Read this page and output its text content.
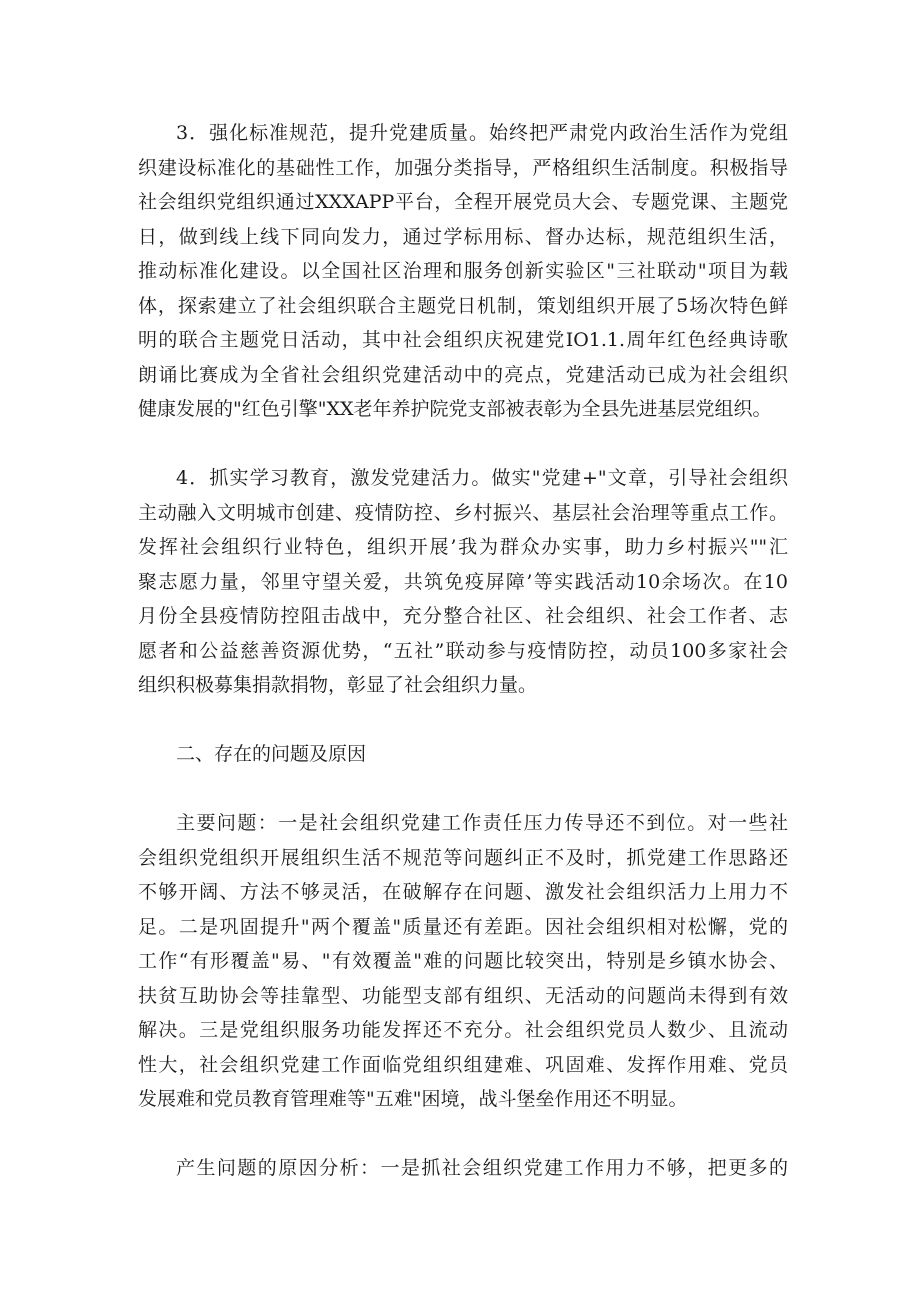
3．强化标准规范，提升党建质量。始终把严肃党内政治生活作为党组
织建设标准化的基础性工作，加强分类指导，严格组织生活制度。积极指导
社会组织党组织通过XXXAPP平台，全程开展党员大会、专题党课、主题党
日，做到线上线下同向发力，通过学标用标、督办达标，规范组织生活，
推动标准化建设。以全国社区治理和服务创新实验区"三社联动"项目为载
体，探索建立了社会组织联合主题党日机制，策划组织开展了5场次特色鲜
明的联合主题党日活动，其中社会组织庆祝建党IO1.1.周年红色经典诗歌
朗诵比赛成为全省社会组织党建活动中的亮点，党建活动已成为社会组织
健康发展的"红色引擎"XX老年养护院党支部被表彰为全县先进基层党组织。
4．抓实学习教育，激发党建活力。做实"党建+"文章，引导社会组织
主动融入文明城市创建、疫情防控、乡村振兴、基层社会治理等重点工作。
发挥社会组织行业特色，组织开展’我为群众办实事，助力乡村振兴""汇
聚志愿力量，邻里守望关爱，共筑免疫屏障’等实践活动10余场次。在10
月份全县疫情防控阻击战中，充分整合社区、社会组织、社会工作者、志
愿者和公益慈善资源优势，“五社”联动参与疫情防控，动员100多家社会
组织积极募集捐款捐物，彰显了社会组织力量。
二、存在的问题及原因
主要问题：一是社会组织党建工作责任压力传导还不到位。对一些社
会组织党组织开展组织生活不规范等问题纠正不及时，抓党建工作思路还
不够开阔、方法不够灵活，在破解存在问题、激发社会组织活力上用力不
足。二是巩固提升"两个覆盖"质量还有差距。因社会组织相对松懈，党的
工作“有形覆盖"易、"有效覆盖"难的问题比较突出，特别是乡镇水协会、
扶贫互助协会等挂靠型、功能型支部有组织、无活动的问题尚未得到有效
解决。三是党组织服务功能发挥还不充分。社会组织党员人数少、且流动
性大，社会组织党建工作面临党组织组建难、巩固难、发挥作用难、党员
发展难和党员教育管理难等"五难"困境，战斗堡垒作用还不明显。
产生问题的原因分析：一是抓社会组织党建工作用力不够，把更多的
